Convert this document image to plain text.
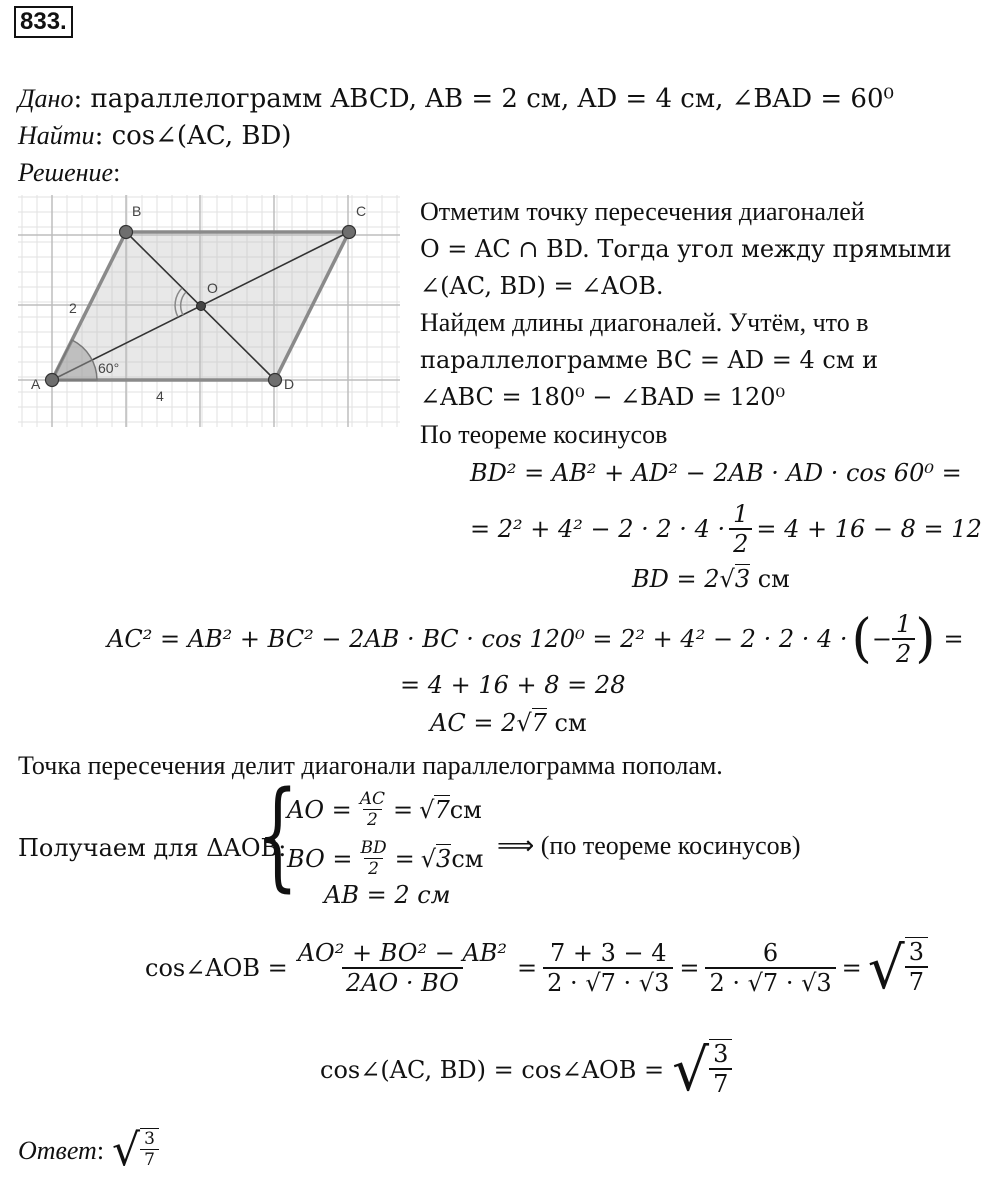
833.
Дано: параллелограмм ABCD, AB = 2 см, AD = 4 см, ∠BAD = 60⁰
Найти: cos∠(AC, BD)
Решение:
A
B	C
D
O
2
4
60°
Отметим точку пересечения диагоналей
O = AC ∩ BD. Тогда угол между прямыми
∠(AC, BD) = ∠AOB.
Найдем длины диагоналей. Учтём, что в
параллелограмме BC = AD = 4 см и
∠ABC = 180⁰ − ∠BAD = 120⁰
По теореме косинусов
BD² = AB² + AD² − 2AB · AD · cos 60⁰ =
= $2^2 + 4^2 - 2 \cdot 2 \cdot 4 \cdot \frac{1}{2} = 4 + 16 - 8 = 12$
BD = 2√3 см
AC² = AB² + BC² − 2AB · BC · cos 120⁰ = 2² + 4² − 2 · 2 · 4 · ( − $\frac{1}{2}$ ) =
= 4 + 16 + 8 = 28
AC = 2√7 см
Точка пересечения делит диагонали параллелограмма пополам.
Получаем для ΔAOB:
{
AO = $\frac{AC}{2}$ = √ 7 см
BO = $\frac{BD}{2}$ = √ 3 см
AB = 2 см
⟹ (по теореме косинусов)
cos∠AOB = $\frac{\text{AO² + BO² − AB²}}{2AO \cdot BO} = \frac{7 + 3 - 4}{2 \cdot √7 \cdot √3} = \frac{6}{2 \cdot √7 \cdot √3}$ = √ $\frac{3}{7}$
cos∠(AC, BD) = cos∠AOB = √ $\frac{3}{7}$
Ответ : √ $\frac{3}{7}$
